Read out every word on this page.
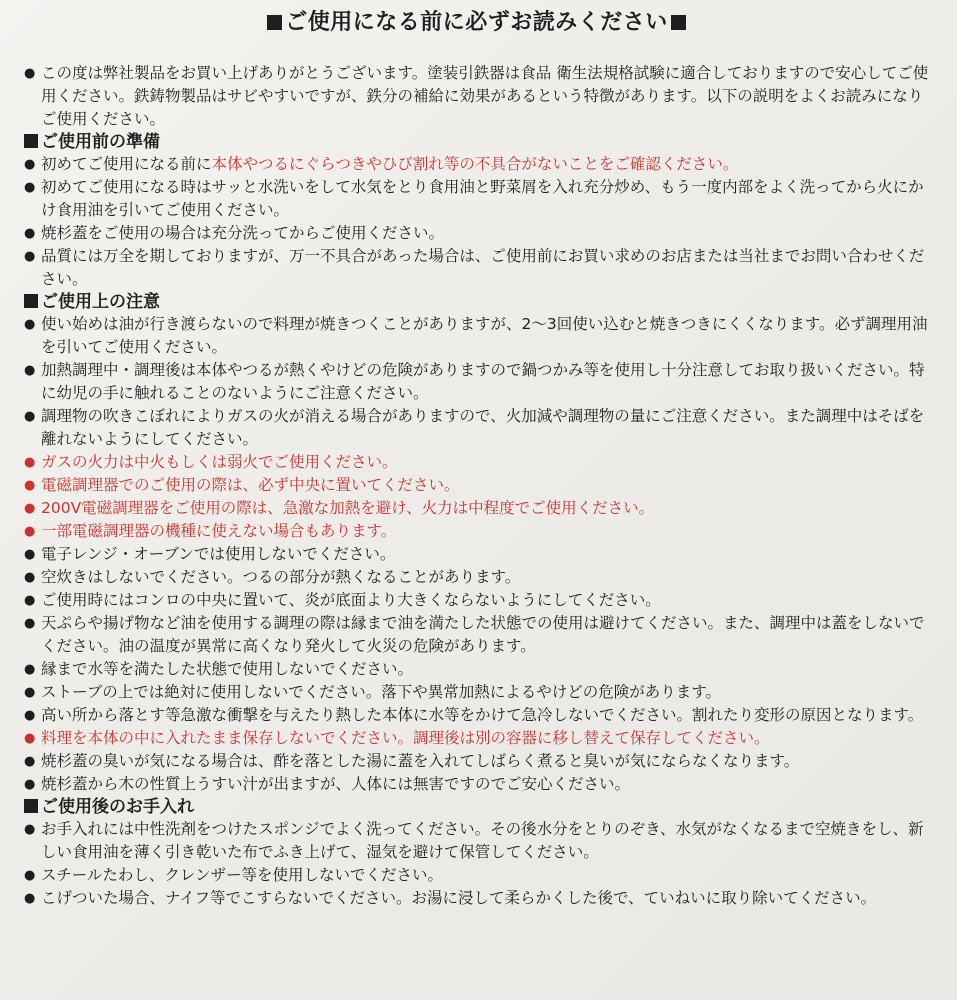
ご使用になる前に必ずお読みください

● この度は弊社製品をお買い上げありがとうございます。塗装引鉄器は食品 衛生法規格試験に適合しておりますので安心してご使用ください。鉄鋳物製品はサビやすいですが、鉄分の補給に効果があるという特徴があります。以下の説明をよくお読みになりご使用ください。

ご使用前の準備

● 初めてご使用になる前に本体やつるにぐらつきやひび割れ等の不具合がないことをご確認ください。

● 初めてご使用になる時はサッと水洗いをして水気をとり食用油と野菜屑を入れ充分炒め、もう一度内部をよく洗ってから火にかけ食用油を引いてご使用ください。

● 焼杉蓋をご使用の場合は充分洗ってからご使用ください。

● 品質には万全を期しておりますが、万一不具合があった場合は、ご使用前にお買い求めのお店または当社までお問い合わせください。

ご使用上の注意

● 使い始めは油が行き渡らないので料理が焼きつくことがありますが、2～3回使い込むと焼きつきにくくなります。必ず調理用油を引いてご使用ください。

● 加熱調理中・調理後は本体やつるが熱くやけどの危険がありますので鍋つかみ等を使用し十分注意してお取り扱いください。特に幼児の手に触れることのないようにご注意ください。

● 調理物の吹きこぼれによりガスの火が消える場合がありますので、火加減や調理物の量にご注意ください。また調理中はそばを離れないようにしてください。

● ガスの火力は中火もしくは弱火でご使用ください。

● 電磁調理器でのご使用の際は、必ず中央に置いてください。

● 200V電磁調理器をご使用の際は、急激な加熱を避け、火力は中程度でご使用ください。

● 一部電磁調理器の機種に使えない場合もあります。

● 電子レンジ・オーブンでは使用しないでください。

● 空炊きはしないでください。つるの部分が熱くなることがあります。

● ご使用時にはコンロの中央に置いて、炎が底面より大きくならないようにしてください。

● 天ぷらや揚げ物など油を使用する調理の際は縁まで油を満たした状態での使用は避けてください。また、調理中は蓋をしないでください。油の温度が異常に高くなり発火して火災の危険があります。

● 縁まで水等を満たした状態で使用しないでください。

● ストーブの上では絶対に使用しないでください。落下や異常加熱によるやけどの危険があります。

● 高い所から落とす等急激な衝撃を与えたり熱した本体に水等をかけて急冷しないでください。割れたり変形の原因となります。

● 料理を本体の中に入れたまま保存しないでください。調理後は別の容器に移し替えて保存してください。

● 焼杉蓋の臭いが気になる場合は、酢を落とした湯に蓋を入れてしばらく煮ると臭いが気にならなくなります。

● 焼杉蓋から木の性質上うすい汁が出ますが、人体には無害ですのでご安心ください。

ご使用後のお手入れ

● お手入れには中性洗剤をつけたスポンジでよく洗ってください。その後水分をとりのぞき、水気がなくなるまで空焼きをし、新しい食用油を薄く引き乾いた布でふき上げて、湿気を避けて保管してください。

● スチールたわし、クレンザー等を使用しないでください。

● こげついた場合、ナイフ等でこすらないでください。お湯に浸して柔らかくした後で、ていねいに取り除いてください。
